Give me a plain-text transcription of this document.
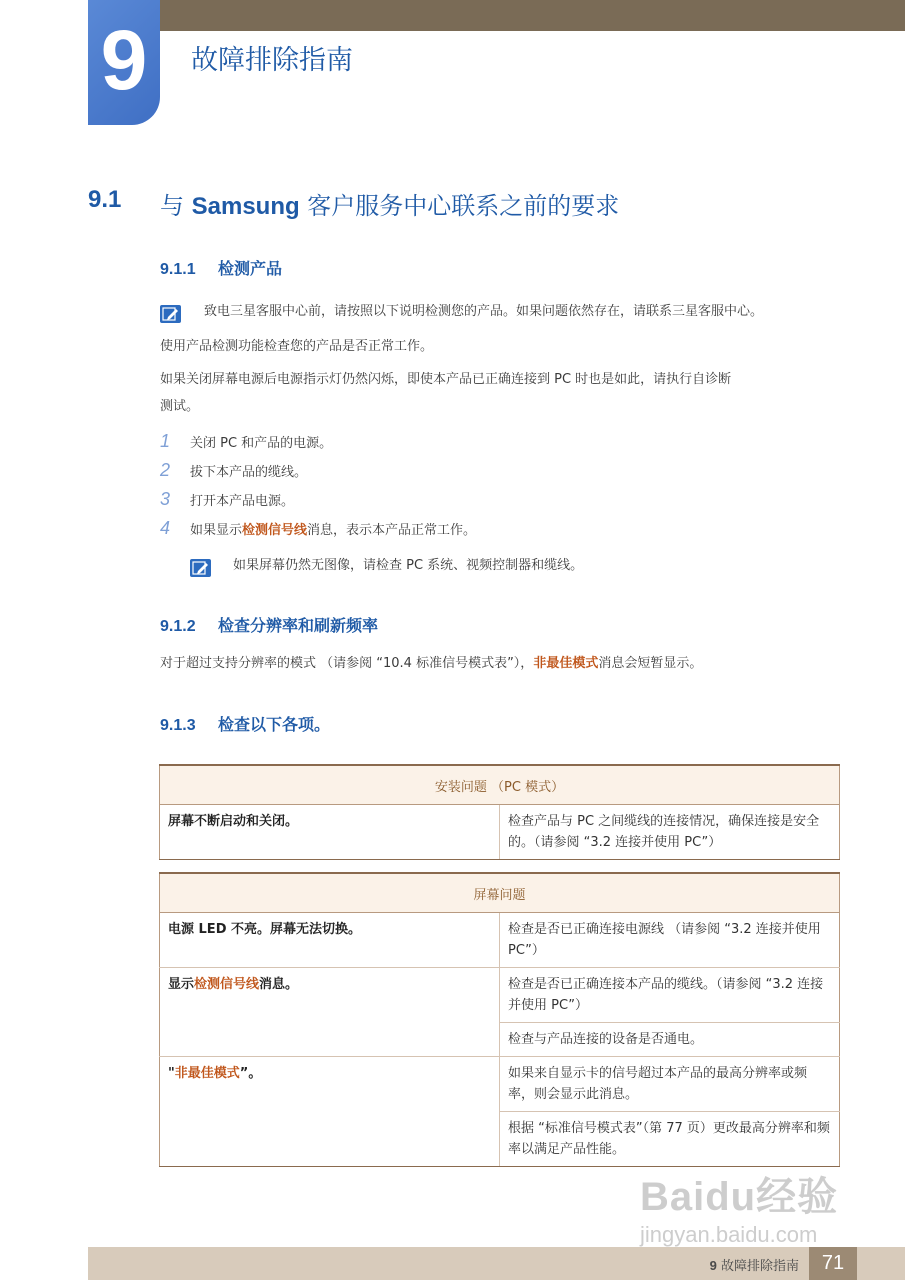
9	故障排除指南
9.1 与 Samsung 客户服务中心联系之前的要求
9.1.1 检测产品
致电三星客服中心前，请按照以下说明检测您的产品。如果问题依然存在，请联系三星客服中心。
使用产品检测功能检查您的产品是否正常工作。
如果关闭屏幕电源后电源指示灯仍然闪烁，即使本产品已正确连接到 PC 时也是如此，请执行自诊断
测试。
1 关闭 PC 和产品的电源。
2 拔下本产品的缆线。
3 打开本产品电源。
4 如果显示检测信号线消息，表示本产品正常工作。
如果屏幕仍然无图像，请检查 PC 系统、视频控制器和缆线。
9.1.2 检查分辨率和刷新频率
对于超过支持分辨率的模式 （请参阅 “10.4 标准信号模式表”），非最佳模式消息会短暂显示。
9.1.3 检查以下各项。
安装问题 （PC 模式）
屏幕不断启动和关闭。	检查产品与 PC 之间缆线的连接情况，确保连接是安全的。（请参阅 “3.2 连接并使用 PC”）
屏幕问题	
电源 LED 不亮。屏幕无法切换。	检查是否已正确连接电源线 （请参阅 “3.2 连接并使用 PC”）
显示检测信号线消息。	检查是否已正确连接本产品的缆线。（请参阅 “3.2 连接并使用 PC”）
	检查与产品连接的设备是否通电。
"非最佳模式”。	如果来自显示卡的信号超过本产品的最高分辨率或频率，则会显示此消息。
	根据 “标准信号模式表”（第 77 页）更改最高分辨率和频率以满足产品性能。
Baidu经验
jingyan.baidu.com
9 故障排除指南	71
